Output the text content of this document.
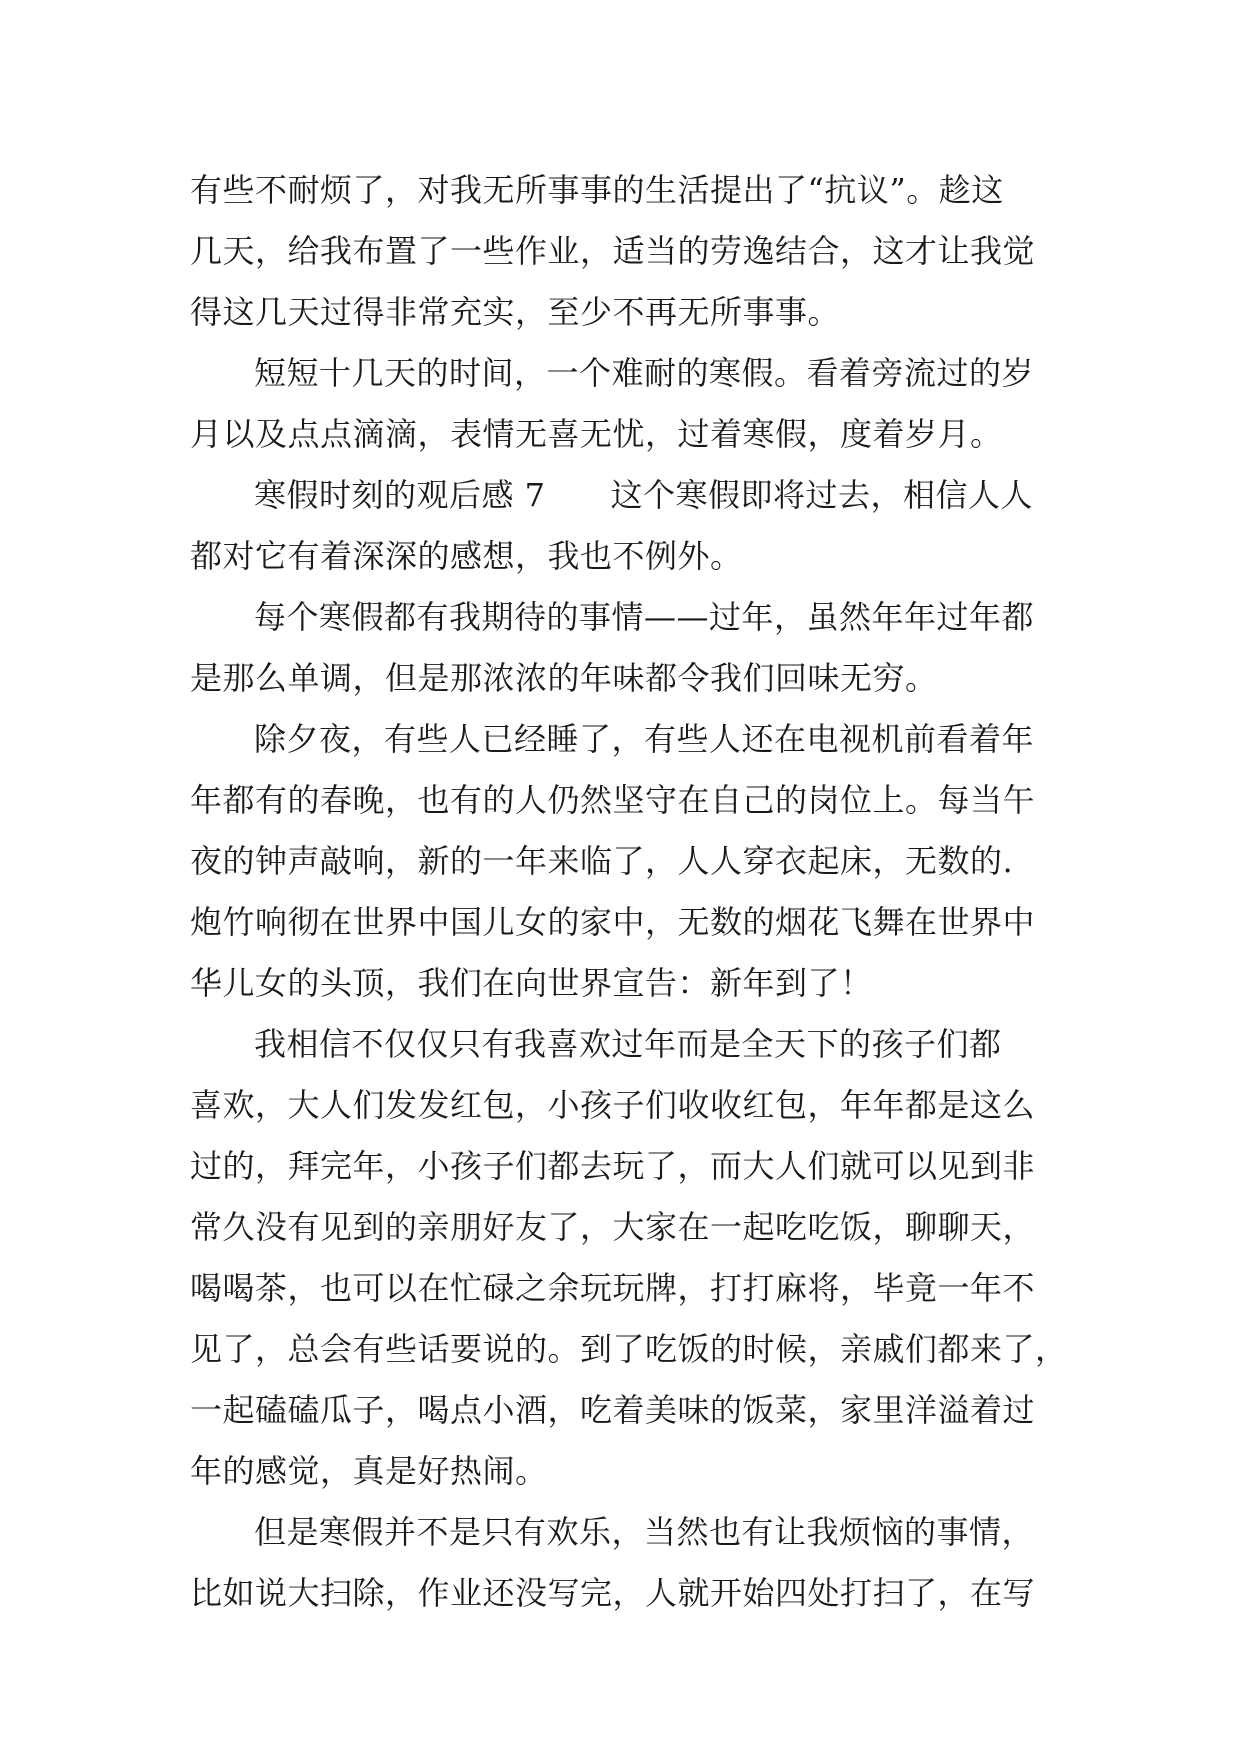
有些不耐烦了，对我无所事事的生活提出了“抗议”。趁这
几天，给我布置了一些作业，适当的劳逸结合，这才让我觉
得这几天过得非常充实，至少不再无所事事。
短短十几天的时间，一个难耐的寒假。看着旁流过的岁
月以及点点滴滴，表情无喜无忧，过着寒假，度着岁月。
寒假时刻的观后感 7　　这个寒假即将过去，相信人人
都对它有着深深的感想，我也不例外。
每个寒假都有我期待的事情——过年，虽然年年过年都
是那么单调，但是那浓浓的年味都令我们回味无穷。
除夕夜，有些人已经睡了，有些人还在电视机前看着年
年都有的春晚，也有的人仍然坚守在自己的岗位上。每当午
夜的钟声敲响，新的一年来临了，人人穿衣起床，无数的.
炮竹响彻在世界中国儿女的家中，无数的烟花飞舞在世界中
华儿女的头顶，我们在向世界宣告：新年到了！
我相信不仅仅只有我喜欢过年而是全天下的孩子们都
喜欢，大人们发发红包，小孩子们收收红包，年年都是这么
过的，拜完年，小孩子们都去玩了，而大人们就可以见到非
常久没有见到的亲朋好友了，大家在一起吃吃饭，聊聊天，
喝喝茶，也可以在忙碌之余玩玩牌，打打麻将，毕竟一年不
见了，总会有些话要说的。到了吃饭的时候，亲戚们都来了，
一起磕磕瓜子，喝点小酒，吃着美味的饭菜，家里洋溢着过
年的感觉，真是好热闹。
但是寒假并不是只有欢乐，当然也有让我烦恼的事情，
比如说大扫除，作业还没写完，人就开始四处打扫了，在写
